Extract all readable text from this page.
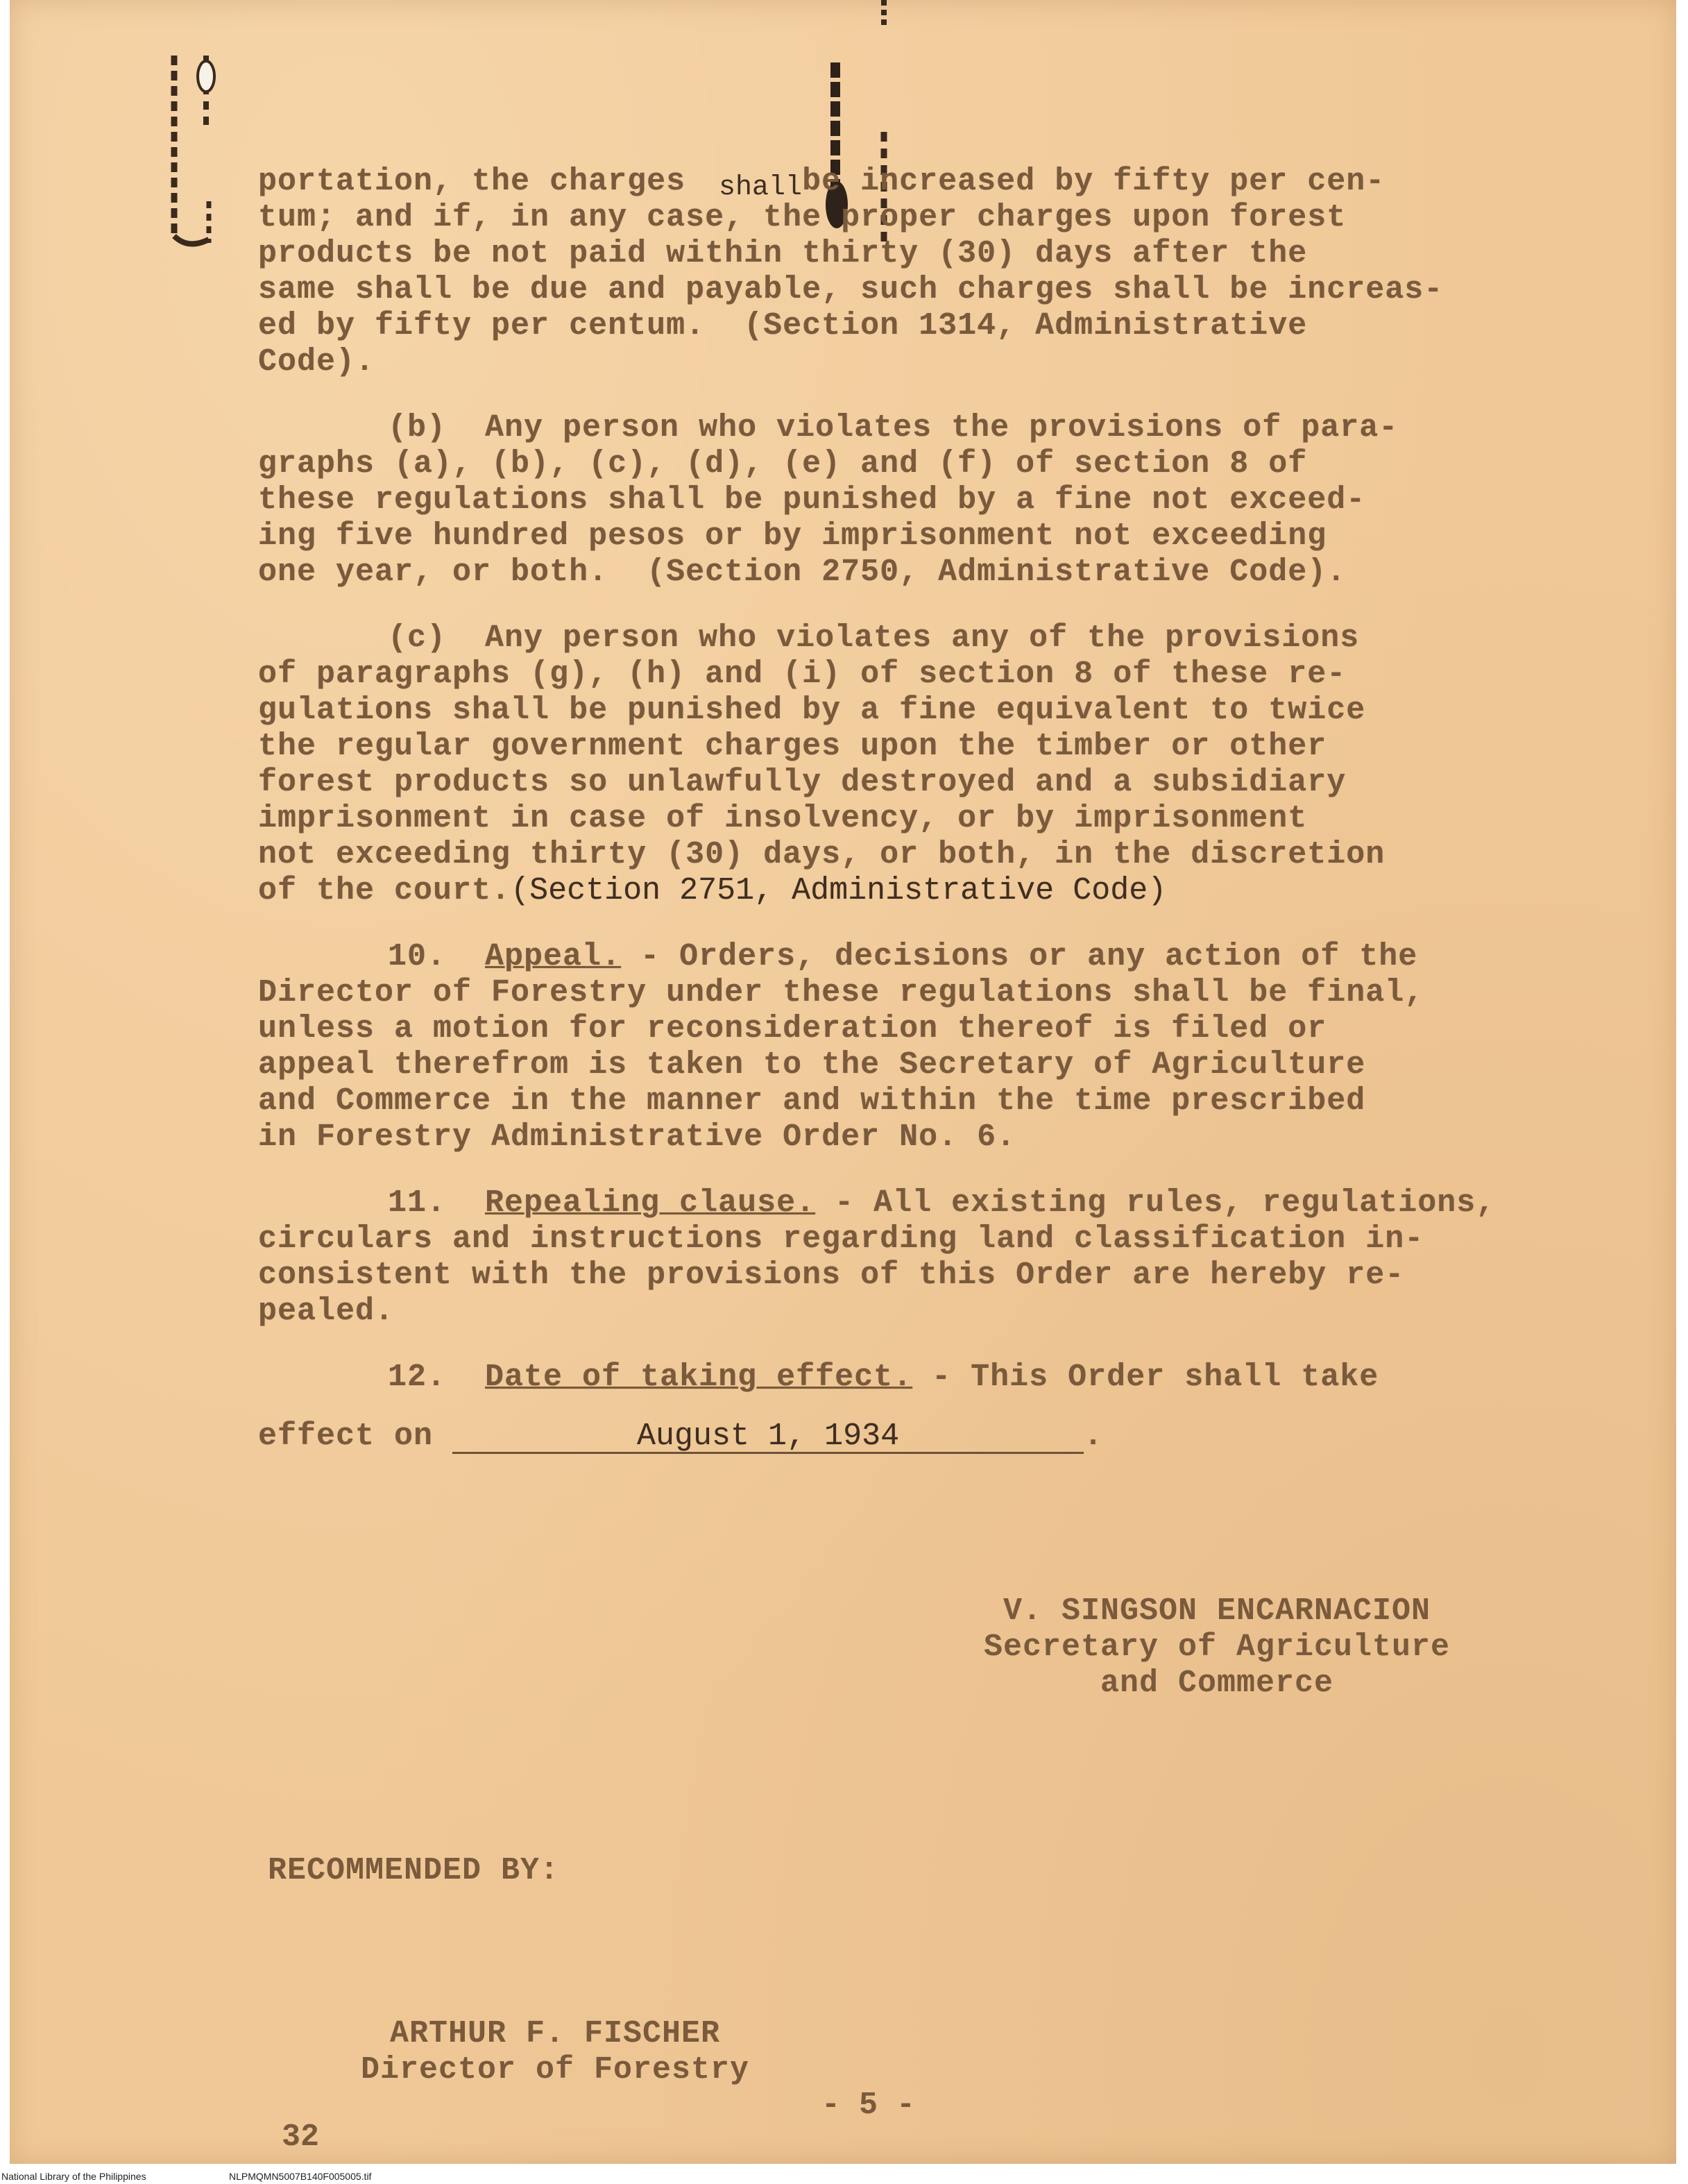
shall

portation, the charges	be increased by fifty per cen-
tum; and if, in any case, the proper charges upon forest
products be not paid within thirty (30) days after the
same shall be due and payable, such charges shall be increas-
ed by fifty per centum.  (Section 1314, Administrative
Code).

(b)  Any person who violates the provisions of para-
graphs (a), (b), (c), (d), (e) and (f) of section 8 of
these regulations shall be punished by a fine not exceed-
ing five hundred pesos or by imprisonment not exceeding
one year, or both.  (Section 2750, Administrative Code).

(c)  Any person who violates any of the provisions
of paragraphs (g), (h) and (i) of section 8 of these re-
gulations shall be punished by a fine equivalent to twice
the regular government charges upon the timber or other
forest products so unlawfully destroyed and a subsidiary
imprisonment in case of insolvency, or by imprisonment
not exceeding thirty (30) days, or both, in the discretion
of the court.(Section 2751, Administrative Code)

10. Appeal. - Orders, decisions or any action of the
Director of Forestry under these regulations shall be final,
unless a motion for reconsideration thereof is filed or
appeal therefrom is taken to the Secretary of Agriculture
and Commerce in the manner and within the time prescribed
in Forestry Administrative Order No. 6.

11. Repealing clause. - All existing rules, regulations,
circulars and instructions regarding land classification in-
consistent with the provisions of this Order are hereby re-
pealed.

12. Date of taking effect. - This Order shall take

effect on	August 1, 1934	.

V. SINGSON ENCARNACION
Secretary of Agriculture
and Commerce
RECOMMENDED BY:
ARTHUR F. FISCHER
Director of Forestry
- 5 -
32
National Library of the Philippines	NLPMQMN5007B140F005005.tif
